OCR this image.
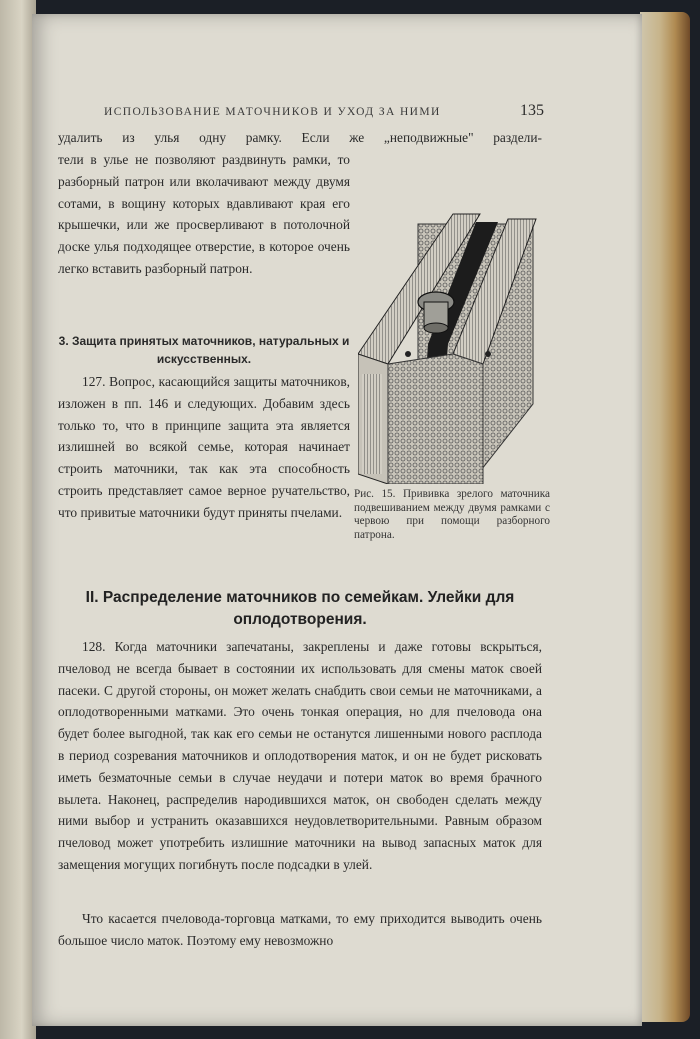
ИСПОЛЬЗОВАНИЕ МАТОЧНИКОВ И УХОД ЗА НИМИ	135
удалить из улья одну рамку. Если же „неподвижные" раздели-

тели в улье не позволяют раздвинуть рамки, то разборный патрон или вколачивают между двумя сотами, в вощину которых вдавливают края его крышечки, или же просверливают в потолочной доске улья подходящее отверстие, в которое очень легко вставить разборный патрон.

3. Защита принятых маточников, натуральных и искусственных.

127. Вопрос, касающийся защиты маточников, изложен в пп. 146 и следующих. Добавим здесь только то, что в принципе защита эта является излишней во всякой семье, которая начинает строить маточники, так как эта способность строить представляет самое верное ручательство, что привитые маточники будут приняты пчелами.

Рис. 15. Прививка зрелого маточника подвешиванием между двумя рамками с червою при помощи разборного патрона.
II. Распределение маточников по семейкам. Улейки для оплодотворения.

128. Когда маточники запечатаны, закреплены и даже готовы вскрыться, пчеловод не всегда бывает в состоянии их использовать для смены маток своей пасеки. С другой стороны, он может желать снабдить свои семьи не маточниками, а оплодотворенными матками. Это очень тонкая операция, но для пчеловода она будет более выгодной, так как его семьи не останутся лишенными нового расплода в период созревания маточников и оплодотворения маток, и он не будет рисковать иметь безматочные семьи в случае неудачи и потери маток во время брачного вылета. Наконец, распределив народившихся маток, он свободен сделать между ними выбор и устранить оказавшихся неудовлетворительными. Равным образом пчеловод может употребить излишние маточники на вывод запасных маток для замещения могущих погибнуть после подсадки в улей.

Что касается пчеловода-торговца матками, то ему приходится выводить очень большое число маток. Поэтому ему невозможно
